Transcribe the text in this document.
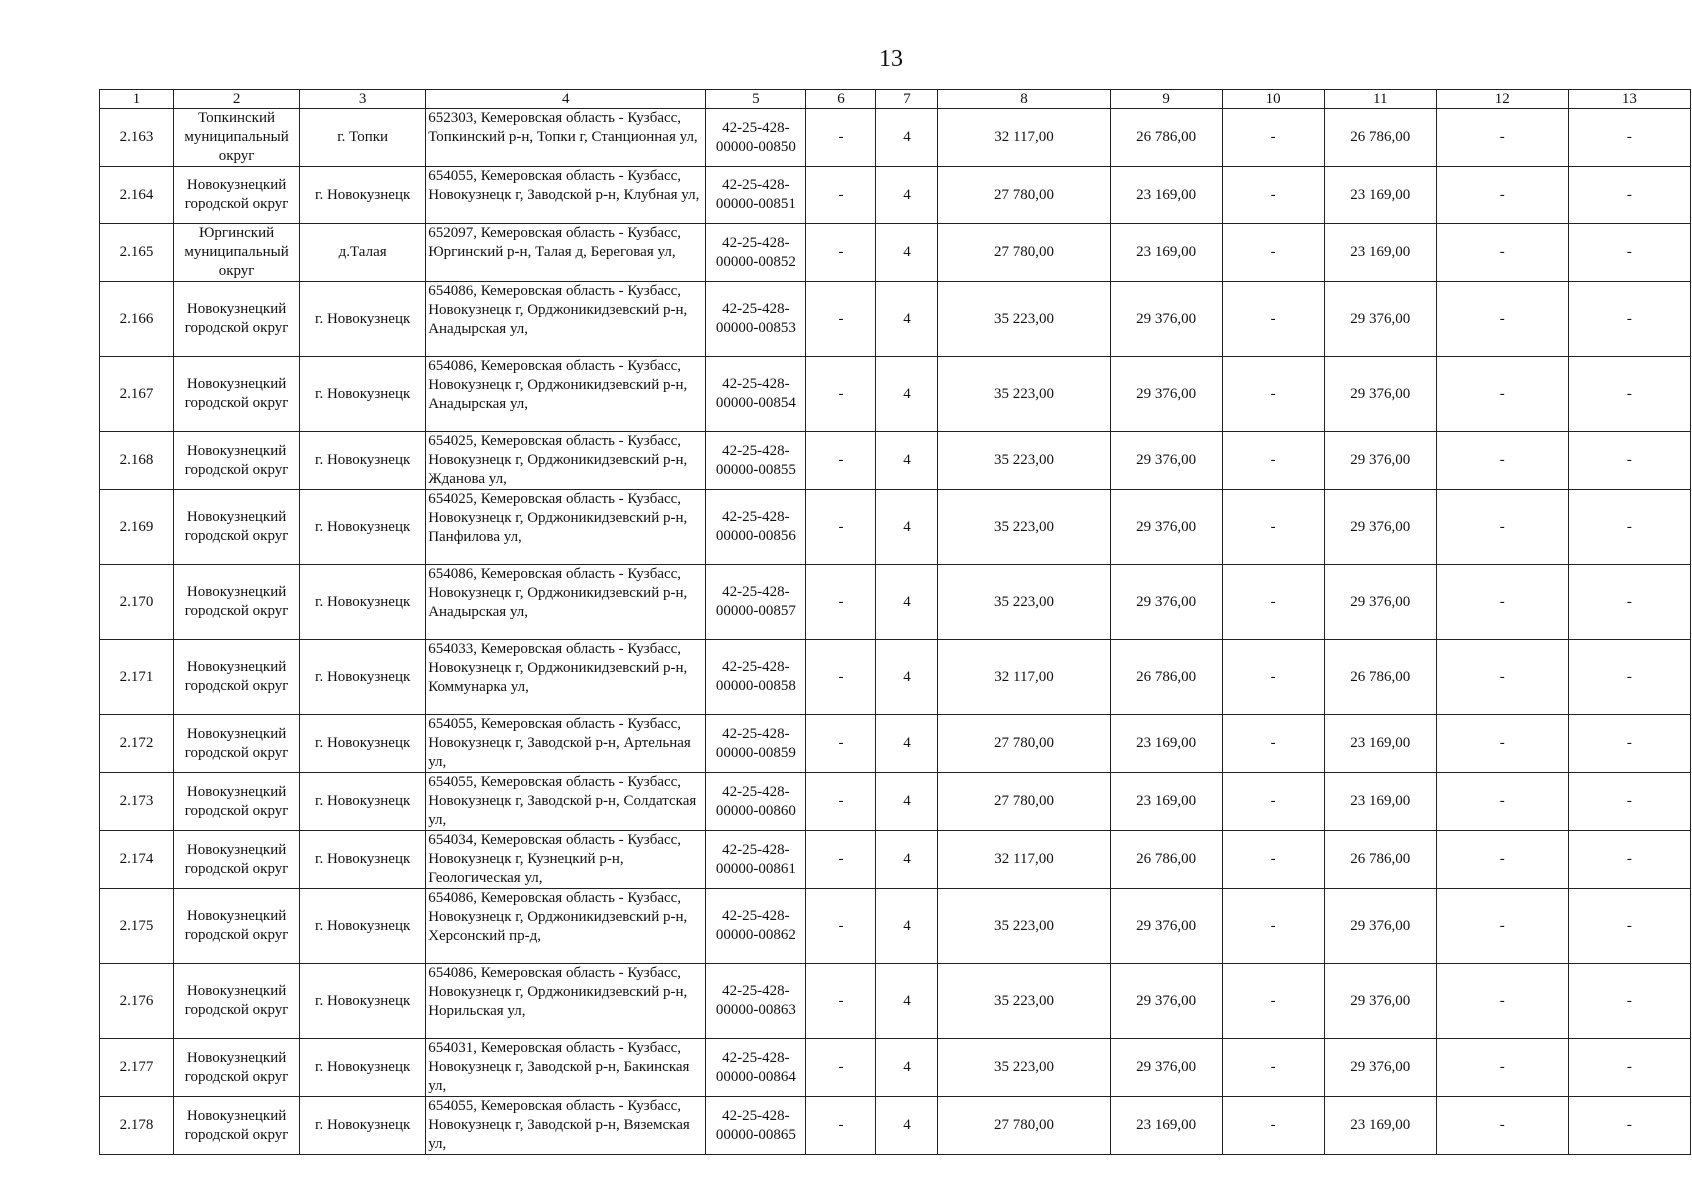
13
1	2	3	4	5	6	7	8	9	10	11	12	13
2.163	Топкинский муниципальный округ	г. Топки	652303, Кемеровская область - Кузбасс, Топкинский р-н, Топки г, Станционная ул,	42-25-428-00000-00850	-	4	32 117,00	26 786,00	-	26 786,00	-	-
2.164	Новокузнецкий городской округ	г. Новокузнецк	654055, Кемеровская область - Кузбасс, Новокузнецк г, Заводской р-н, Клубная ул,	42-25-428-00000-00851	-	4	27 780,00	23 169,00	-	23 169,00	-	-
2.165	Юргинский муниципальный округ	д.Талая	652097, Кемеровская область - Кузбасс, Юргинский р-н, Талая д, Береговая ул,	42-25-428-00000-00852	-	4	27 780,00	23 169,00	-	23 169,00	-	-
2.166	Новокузнецкий городской округ	г. Новокузнецк	654086, Кемеровская область - Кузбасс, Новокузнецк г, Орджоникидзевский р-н, Анадырская ул,	42-25-428-00000-00853	-	4	35 223,00	29 376,00	-	29 376,00	-	-
2.167	Новокузнецкий городской округ	г. Новокузнецк	654086, Кемеровская область - Кузбасс, Новокузнецк г, Орджоникидзевский р-н, Анадырская ул,	42-25-428-00000-00854	-	4	35 223,00	29 376,00	-	29 376,00	-	-
2.168	Новокузнецкий городской округ	г. Новокузнецк	654025, Кемеровская область - Кузбасс, Новокузнецк г, Орджоникидзевский р-н, Жданова ул,	42-25-428-00000-00855	-	4	35 223,00	29 376,00	-	29 376,00	-	-
2.169	Новокузнецкий городской округ	г. Новокузнецк	654025, Кемеровская область - Кузбасс, Новокузнецк г, Орджоникидзевский р-н, Панфилова ул,	42-25-428-00000-00856	-	4	35 223,00	29 376,00	-	29 376,00	-	-
2.170	Новокузнецкий городской округ	г. Новокузнецк	654086, Кемеровская область - Кузбасс, Новокузнецк г, Орджоникидзевский р-н, Анадырская ул,	42-25-428-00000-00857	-	4	35 223,00	29 376,00	-	29 376,00	-	-
2.171	Новокузнецкий городской округ	г. Новокузнецк	654033, Кемеровская область - Кузбасс, Новокузнецк г, Орджоникидзевский р-н, Коммунарка ул,	42-25-428-00000-00858	-	4	32 117,00	26 786,00	-	26 786,00	-	-
2.172	Новокузнецкий городской округ	г. Новокузнецк	654055, Кемеровская область - Кузбасс, Новокузнецк г, Заводской р-н, Артельная ул,	42-25-428-00000-00859	-	4	27 780,00	23 169,00	-	23 169,00	-	-
2.173	Новокузнецкий городской округ	г. Новокузнецк	654055, Кемеровская область - Кузбасс, Новокузнецк г, Заводской р-н, Солдатская ул,	42-25-428-00000-00860	-	4	27 780,00	23 169,00	-	23 169,00	-	-
2.174	Новокузнецкий городской округ	г. Новокузнецк	654034, Кемеровская область - Кузбасс, Новокузнецк г, Кузнецкий р-н, Геологическая ул,	42-25-428-00000-00861	-	4	32 117,00	26 786,00	-	26 786,00	-	-
2.175	Новокузнецкий городской округ	г. Новокузнецк	654086, Кемеровская область - Кузбасс, Новокузнецк г, Орджоникидзевский р-н, Херсонский пр-д,	42-25-428-00000-00862	-	4	35 223,00	29 376,00	-	29 376,00	-	-
2.176	Новокузнецкий городской округ	г. Новокузнецк	654086, Кемеровская область - Кузбасс, Новокузнецк г, Орджоникидзевский р-н, Норильская ул,	42-25-428-00000-00863	-	4	35 223,00	29 376,00	-	29 376,00	-	-
2.177	Новокузнецкий городской округ	г. Новокузнецк	654031, Кемеровская область - Кузбасс, Новокузнецк г, Заводской р-н, Бакинская ул,	42-25-428-00000-00864	-	4	35 223,00	29 376,00	-	29 376,00	-	-
2.178	Новокузнецкий городской округ	г. Новокузнецк	654055, Кемеровская область - Кузбасс, Новокузнецк г, Заводской р-н, Вяземская ул,	42-25-428-00000-00865	-	4	27 780,00	23 169,00	-	23 169,00	-	-
